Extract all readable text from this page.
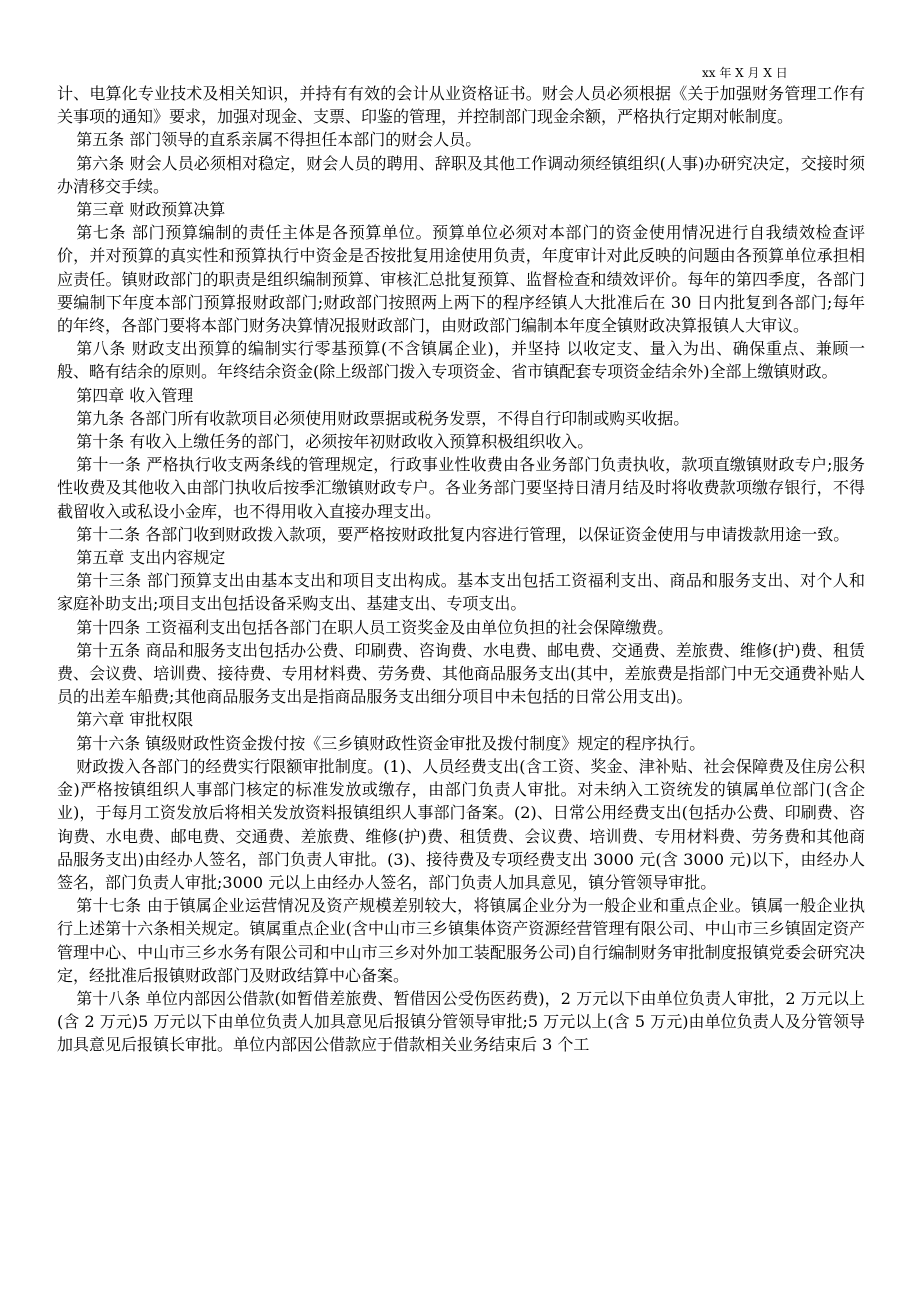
xx 年 X 月 X 日

计、电算化专业技术及相关知识，并持有有效的会计从业资格证书。财会人员必须根据《关于加强财务管理工作有关事项的通知》要求，加强对现金、支票、印鉴的管理，并控制部门现金余额，严格执行定期对帐制度。

第五条 部门领导的直系亲属不得担任本部门的财会人员。

第六条 财会人员必须相对稳定，财会人员的聘用、辞职及其他工作调动须经镇组织(人事)办研究决定，交接时须办清移交手续。

第三章 财政预算决算

第七条 部门预算编制的责任主体是各预算单位。预算单位必须对本部门的资金使用情况进行自我绩效检查评价，并对预算的真实性和预算执行中资金是否按批复用途使用负责，年度审计对此反映的问题由各预算单位承担相应责任。镇财政部门的职责是组织编制预算、审核汇总批复预算、监督检查和绩效评价。每年的第四季度，各部门要编制下年度本部门预算报财政部门;财政部门按照两上两下的程序经镇人大批准后在 30 日内批复到各部门;每年的年终，各部门要将本部门财务决算情况报财政部门，由财政部门编制本年度全镇财政决算报镇人大审议。

第八条 财政支出预算的编制实行零基预算(不含镇属企业)，并坚持 以收定支、量入为出、确保重点、兼顾一般、略有结余的原则。年终结余资金(除上级部门拨入专项资金、省市镇配套专项资金结余外)全部上缴镇财政。

第四章 收入管理

第九条 各部门所有收款项目必须使用财政票据或税务发票，不得自行印制或购买收据。

第十条 有收入上缴任务的部门，必须按年初财政收入预算积极组织收入。

第十一条 严格执行收支两条线的管理规定，行政事业性收费由各业务部门负责执收，款项直缴镇财政专户;服务性收费及其他收入由部门执收后按季汇缴镇财政专户。各业务部门要坚持日清月结及时将收费款项缴存银行，不得截留收入或私设小金库，也不得用收入直接办理支出。

第十二条 各部门收到财政拨入款项，要严格按财政批复内容进行管理，以保证资金使用与申请拨款用途一致。

第五章 支出内容规定

第十三条 部门预算支出由基本支出和项目支出构成。基本支出包括工资福利支出、商品和服务支出、对个人和家庭补助支出;项目支出包括设备采购支出、基建支出、专项支出。

第十四条 工资福利支出包括各部门在职人员工资奖金及由单位负担的社会保障缴费。

第十五条 商品和服务支出包括办公费、印刷费、咨询费、水电费、邮电费、交通费、差旅费、维修(护)费、租赁费、会议费、培训费、接待费、专用材料费、劳务费、其他商品服务支出(其中，差旅费是指部门中无交通费补贴人员的出差车船费;其他商品服务支出是指商品服务支出细分项目中未包括的日常公用支出)。

第六章 审批权限

第十六条 镇级财政性资金拨付按《三乡镇财政性资金审批及拨付制度》规定的程序执行。

财政拨入各部门的经费实行限额审批制度。(1)、人员经费支出(含工资、奖金、津补贴、社会保障费及住房公积金)严格按镇组织人事部门核定的标准发放或缴存，由部门负责人审批。对未纳入工资统发的镇属单位部门(含企业)，于每月工资发放后将相关发放资料报镇组织人事部门备案。(2)、日常公用经费支出(包括办公费、印刷费、咨询费、水电费、邮电费、交通费、差旅费、维修(护)费、租赁费、会议费、培训费、专用材料费、劳务费和其他商品服务支出)由经办人签名，部门负责人审批。(3)、接待费及专项经费支出 3000 元(含 3000 元)以下，由经办人签名，部门负责人审批;3000 元以上由经办人签名，部门负责人加具意见，镇分管领导审批。

第十七条 由于镇属企业运营情况及资产规模差别较大，将镇属企业分为一般企业和重点企业。镇属一般企业执行上述第十六条相关规定。镇属重点企业(含中山市三乡镇集体资产资源经营管理有限公司、中山市三乡镇固定资产管理中心、中山市三乡水务有限公司和中山市三乡对外加工装配服务公司)自行编制财务审批制度报镇党委会研究决定，经批准后报镇财政部门及财政结算中心备案。

第十八条 单位内部因公借款(如暂借差旅费、暂借因公受伤医药费)，2 万元以下由单位负责人审批，2 万元以上(含 2 万元)5 万元以下由单位负责人加具意见后报镇分管领导审批;5 万元以上(含 5 万元)由单位负责人及分管领导加具意见后报镇长审批。单位内部因公借款应于借款相关业务结束后 3 个工
